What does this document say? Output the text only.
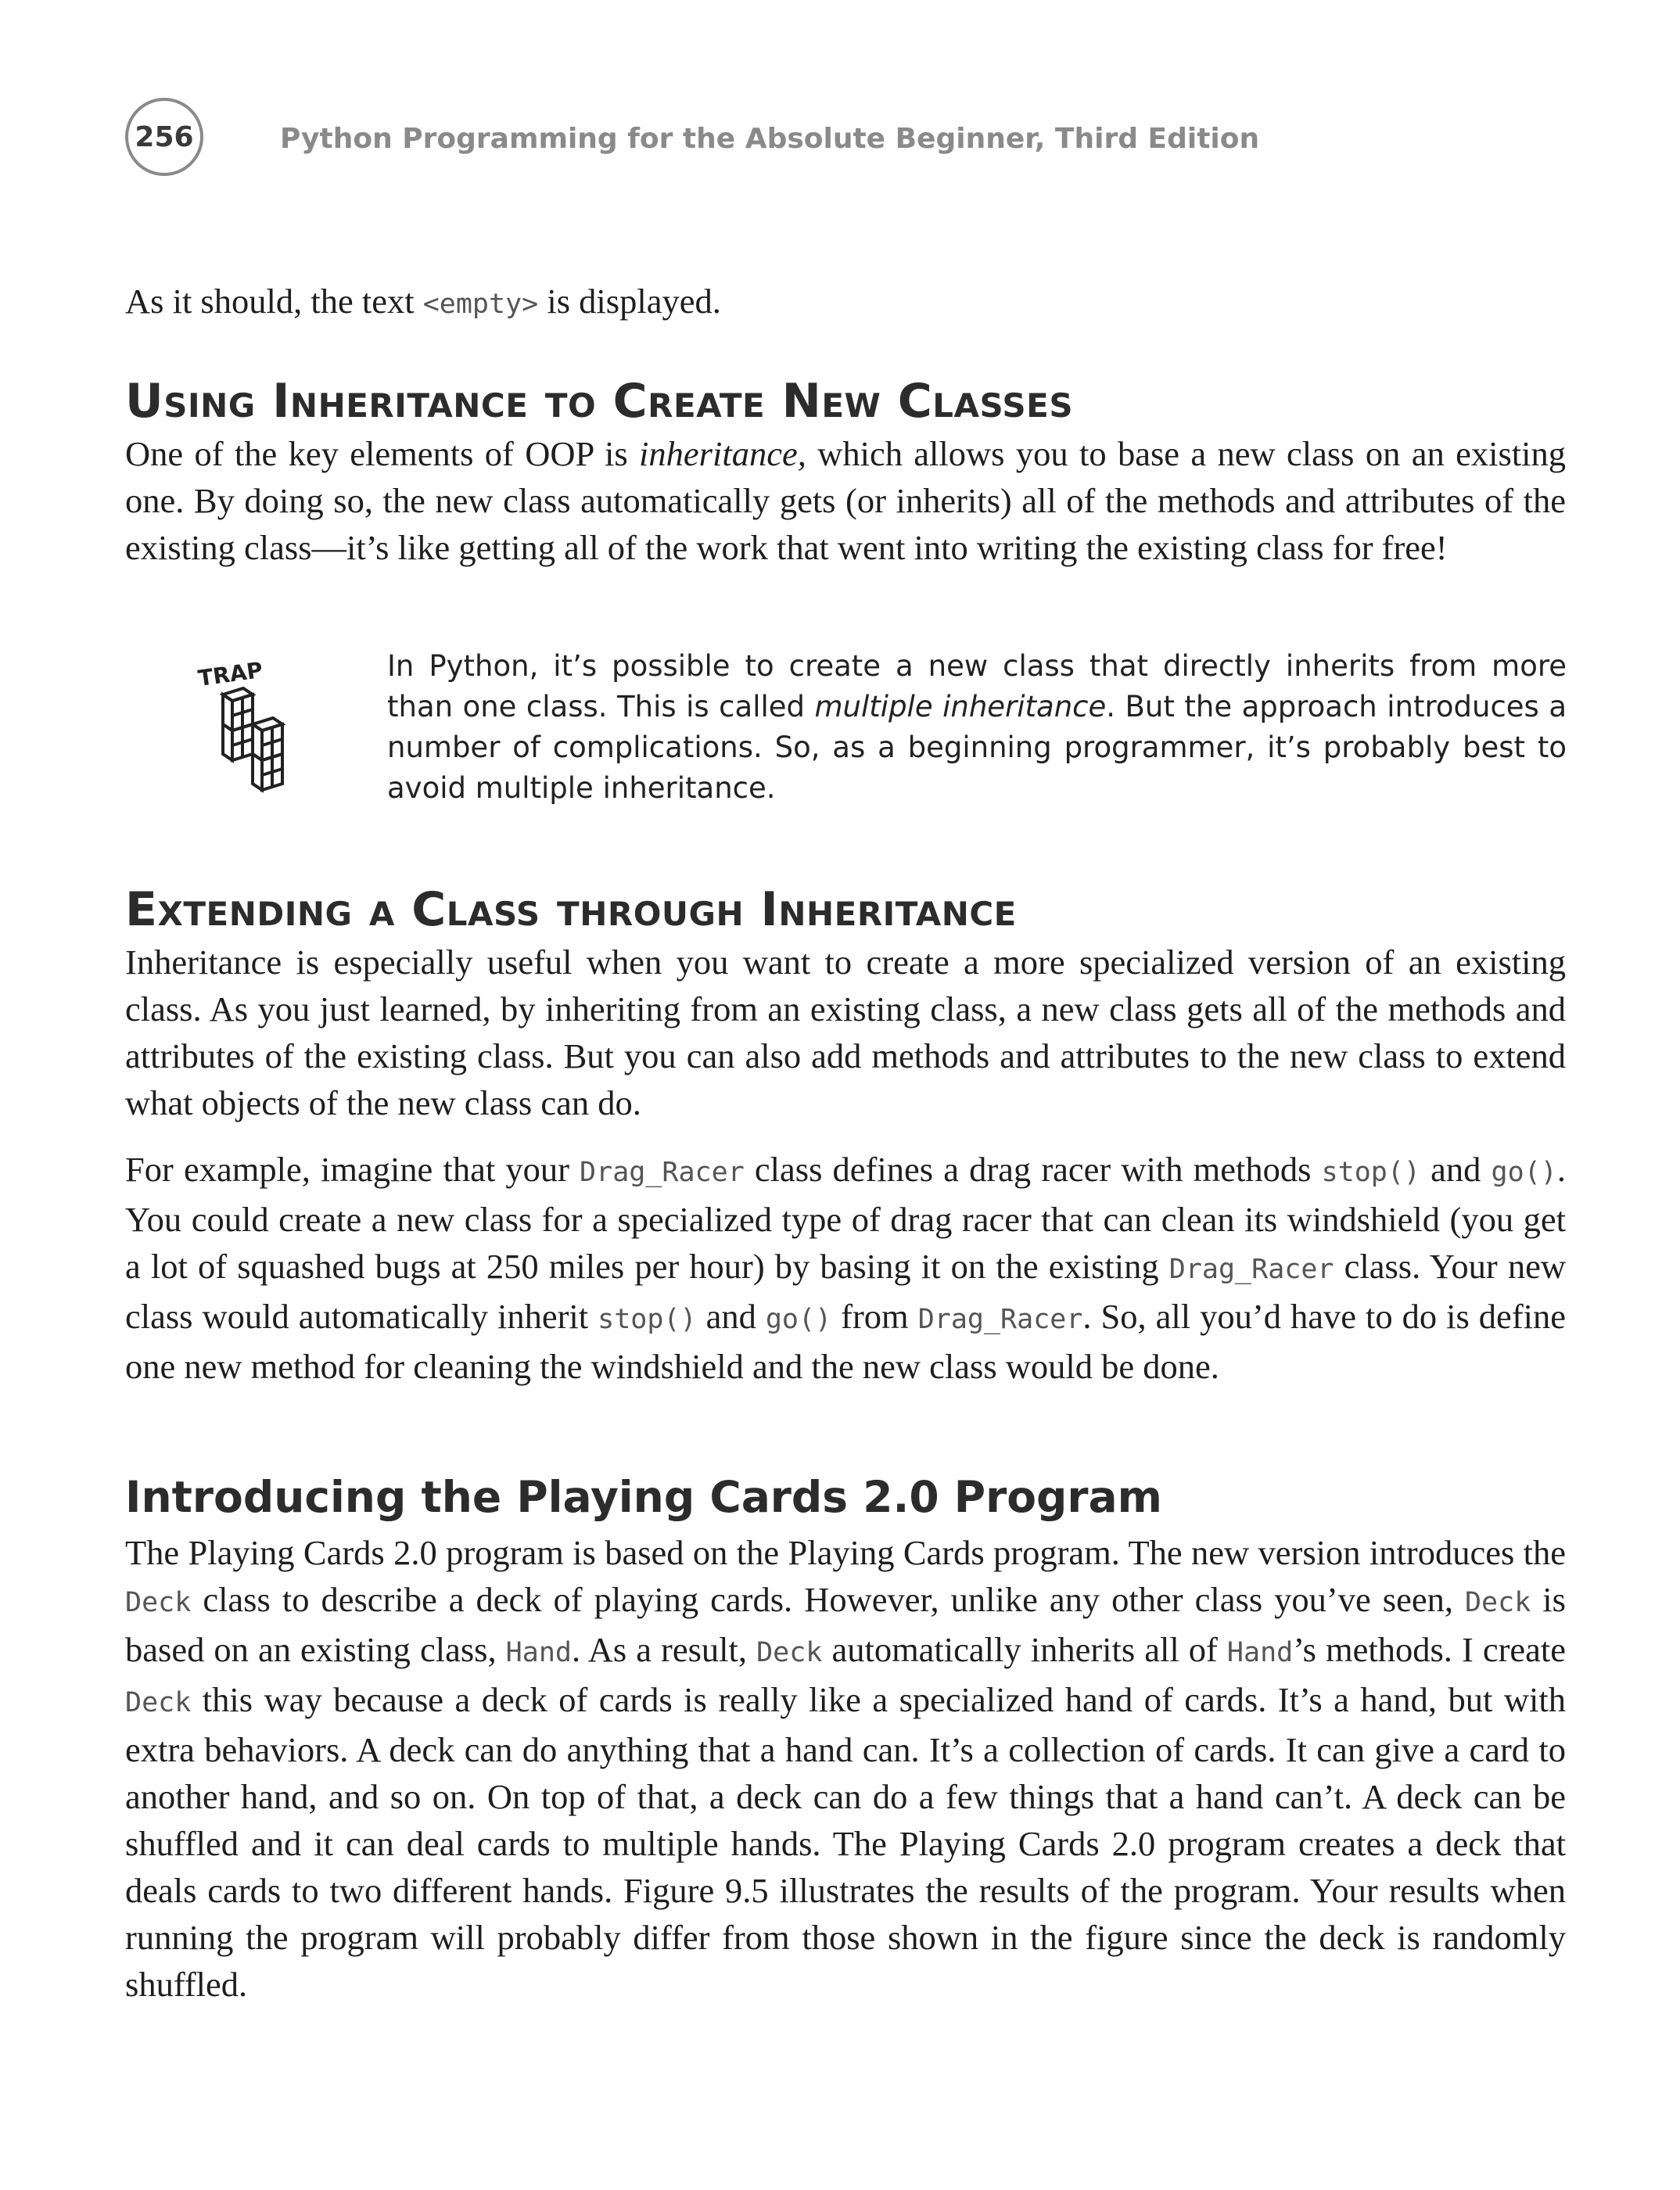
256	Python Programming for the Absolute Beginner, Third Edition

As it should, the text <empty> is displayed.

Using Inheritance to Create New Classes

One of the key elements of OOP is inheritance, which allows you to base a new class on an existing one. By doing so, the new class automatically gets (or inherits) all of the methods and attributes of the existing class—it’s like getting all of the work that went into writing the existing class for free!

TRAP	In Python, it’s possible to create a new class that directly inherits from more than one class. This is called multiple inheritance. But the approach introduces a number of complications. So, as a beginning programmer, it’s probably best to avoid multiple inheritance.

Extending a Class through Inheritance

Inheritance is especially useful when you want to create a more specialized version of an existing class. As you just learned, by inheriting from an existing class, a new class gets all of the methods and attributes of the existing class. But you can also add methods and attributes to the new class to extend what objects of the new class can do.

For example, imagine that your Drag_Racer class defines a drag racer with methods stop() and go(). You could create a new class for a specialized type of drag racer that can clean its windshield (you get a lot of squashed bugs at 250 miles per hour) by basing it on the existing Drag_Racer class. Your new class would automatically inherit stop() and go() from Drag_Racer. So, all you’d have to do is define one new method for cleaning the windshield and the new class would be done.

Introducing the Playing Cards 2.0 Program

The Playing Cards 2.0 program is based on the Playing Cards program. The new version introduces the Deck class to describe a deck of playing cards. However, unlike any other class you’ve seen, Deck is based on an existing class, Hand. As a result, Deck automatically inherits all of Hand’s methods. I create Deck this way because a deck of cards is really like a specialized hand of cards. It’s a hand, but with extra behaviors. A deck can do anything that a hand can. It’s a collection of cards. It can give a card to another hand, and so on. On top of that, a deck can do a few things that a hand can’t. A deck can be shuffled and it can deal cards to multiple hands. The Playing Cards 2.0 program creates a deck that deals cards to two different hands. Figure 9.5 illustrates the results of the program. Your results when running the program will probably differ from those shown in the figure since the deck is randomly shuffled.
